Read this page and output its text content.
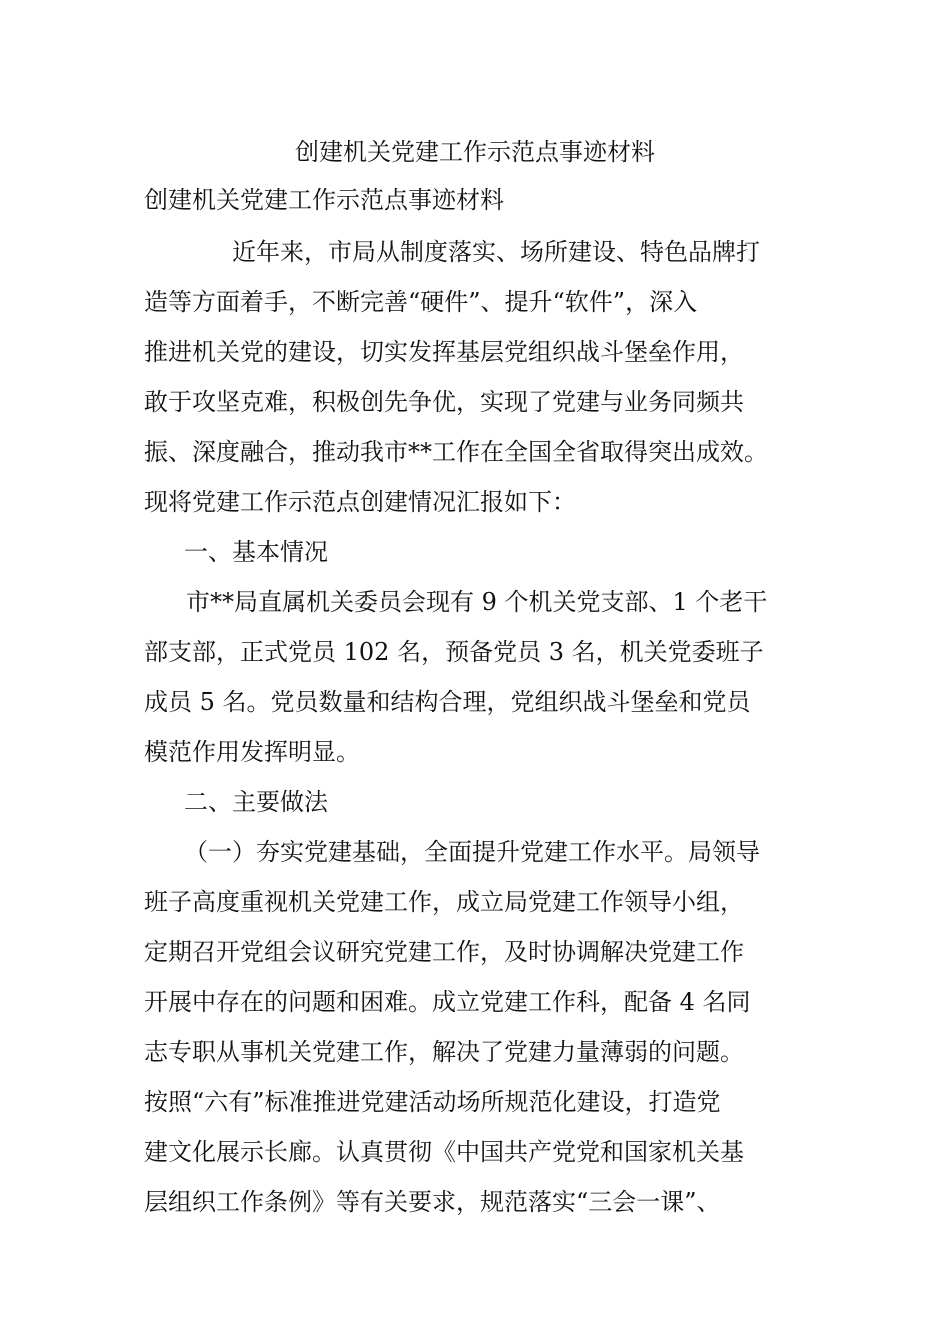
创建机关党建工作示范点事迹材料
创建机关党建工作示范点事迹材料
近年来，市局从制度落实、场所建设、特色品牌打
造等方面着手，不断完善“硬件”、提升“软件”，深入
推进机关党的建设，切实发挥基层党组织战斗堡垒作用，
敢于攻坚克难，积极创先争优，实现了党建与业务同频共
振、深度融合，推动我市**工作在全国全省取得突出成效。
现将党建工作示范点创建情况汇报如下：
一、基本情况
市**局直属机关委员会现有 9 个机关党支部、1 个老干
部支部，正式党员 102 名，预备党员 3 名，机关党委班子
成员 5 名。党员数量和结构合理，党组织战斗堡垒和党员
模范作用发挥明显。
二、主要做法
（一）夯实党建基础，全面提升党建工作水平。局领导
班子高度重视机关党建工作，成立局党建工作领导小组，
定期召开党组会议研究党建工作，及时协调解决党建工作
开展中存在的问题和困难。成立党建工作科，配备 4 名同
志专职从事机关党建工作，解决了党建力量薄弱的问题。
按照“六有”标准推进党建活动场所规范化建设，打造党
建文化展示长廊。认真贯彻《中国共产党党和国家机关基
层组织工作条例》等有关要求，规范落实“三会一课”、
